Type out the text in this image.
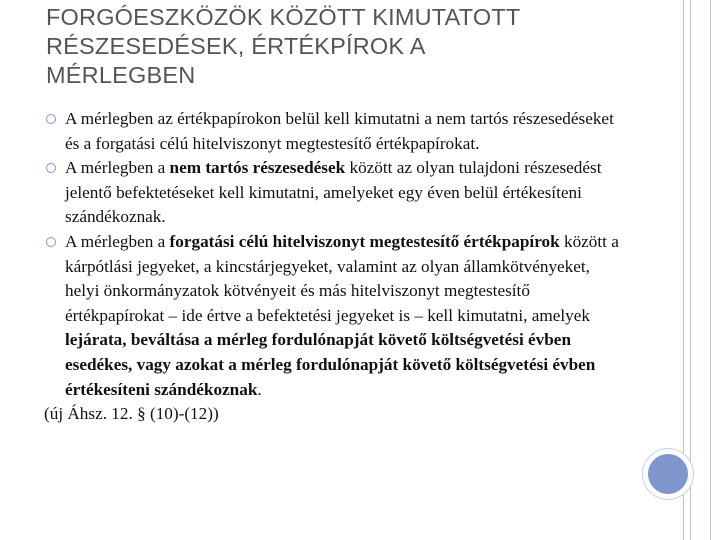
FORGÓESZKÖZÖK KÖZÖTT KIMUTATOTT
RÉSZESEDÉSEK, ÉRTÉKPÍROK A
MÉRLEGBEN
A mérlegben az értékpapírokon belül kell kimutatni a nem tartós részesedéseket és a forgatási célú hitelviszonyt megtestesítő értékpapírokat.
A mérlegben a nem tartós részesedések között az olyan tulajdoni részesedést jelentő befektetéseket kell kimutatni, amelyeket egy éven belül értékesíteni szándékoznak.
A mérlegben a forgatási célú hitelviszonyt megtestesítő értékpapírok között a kárpótlási jegyeket, a kincstárjegyeket, valamint az olyan államkötvényeket, helyi önkormányzatok kötvényeit és más hitelviszonyt megtestesítő értékpapírokat – ide értve a befektetési jegyeket is – kell kimutatni, amelyek lejárata, beváltása a mérleg fordulónapját követő költségvetési évben esedékes, vagy azokat a mérleg fordulónapját követő költségvetési évben értékesíteni szándékoznak.
(új Áhsz. 12. § (10)-(12))
